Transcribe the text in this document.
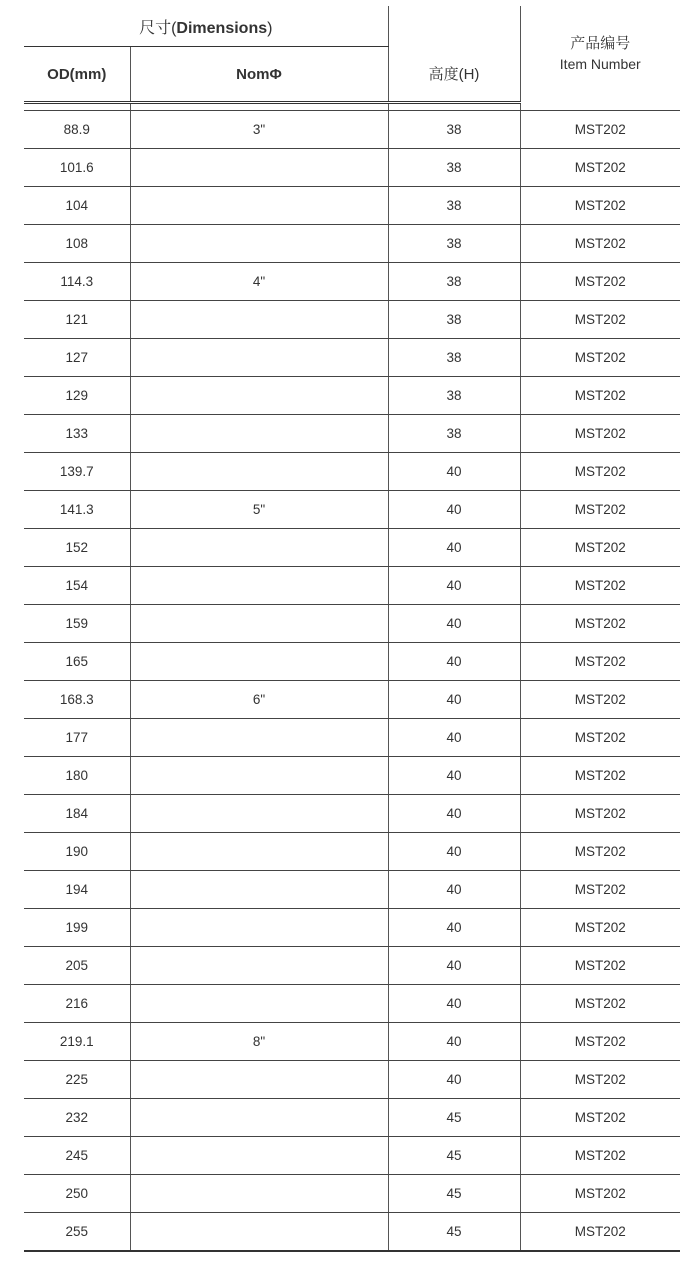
尺寸(Dimensions)			产品编号
Item Number

OD(mm)	NomΦ	高度(H)	

88.9	3"	38	MST202
101.6		38	MST202
104		38	MST202
108		38	MST202
114.3	4"	38	MST202
121		38	MST202
127		38	MST202
129		38	MST202
133		38	MST202
139.7		40	MST202
141.3	5"	40	MST202
152		40	MST202
154		40	MST202
159		40	MST202
165		40	MST202
168.3	6"	40	MST202
177		40	MST202
180		40	MST202
184		40	MST202
190		40	MST202
194		40	MST202
199		40	MST202
205		40	MST202
216		40	MST202
219.1	8"	40	MST202
225		40	MST202
232		45	MST202
245		45	MST202
250		45	MST202
255		45	MST202
